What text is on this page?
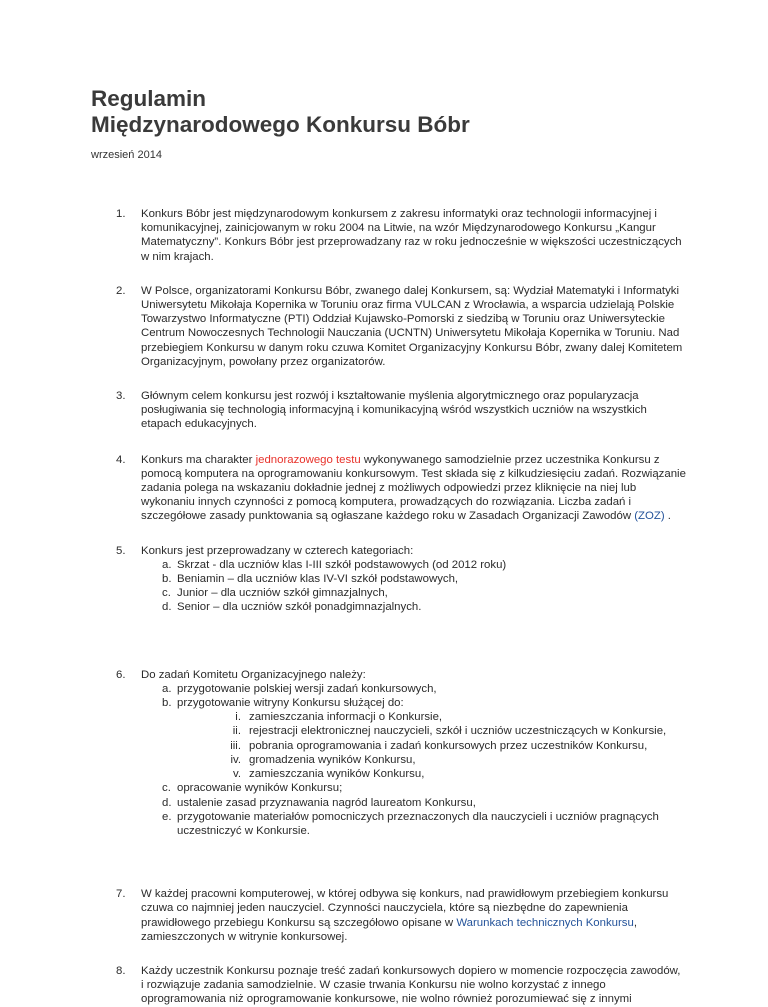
Regulamin
Międzynarodowego Konkursu Bóbr
wrzesień 2014
1. Konkurs Bóbr jest międzynarodowym konkursem z zakresu informatyki oraz technologii informacyjnej i komunikacyjnej, zainicjowanym w roku 2004 na Litwie, na wzór Międzynarodowego Konkursu „Kangur Matematyczny”. Konkurs Bóbr jest przeprowadzany raz w roku jednocześnie w większości uczestniczących w nim krajach.
2. W Polsce, organizatorami Konkursu Bóbr, zwanego dalej Konkursem, są: Wydział Matematyki i Informatyki Uniwersytetu Mikołaja Kopernika w Toruniu oraz firma VULCAN z Wrocławia, a wsparcia udzielają Polskie Towarzystwo Informatyczne (PTI) Oddział Kujawsko-Pomorski z siedzibą w Toruniu oraz Uniwersyteckie Centrum Nowoczesnych Technologii Nauczania (UCNTN) Uniwersytetu Mikołaja Kopernika w Toruniu. Nad przebiegiem Konkursu w danym roku czuwa Komitet Organizacyjny Konkursu Bóbr, zwany dalej Komitetem Organizacyjnym, powołany przez organizatorów.
3. Głównym celem konkursu jest rozwój i kształtowanie myślenia algorytmicznego oraz popularyzacja posługiwania się technologią informacyjną i komunikacyjną wśród wszystkich uczniów na wszystkich etapach edukacyjnych.
4. Konkurs ma charakter jednorazowego testu wykonywanego samodzielnie przez uczestnika Konkursu z pomocą komputera na oprogramowaniu konkursowym. Test składa się z kilkudziesięciu zadań. Rozwiązanie zadania polega na wskazaniu dokładnie jednej z możliwych odpowiedzi przez kliknięcie na niej lub wykonaniu innych czynności z pomocą komputera, prowadzących do rozwiązania. Liczba zadań i szczegółowe zasady punktowania są ogłaszane każdego roku w Zasadach Organizacji Zawodów (ZOZ) .
5. Konkurs jest przeprowadzany w czterech kategoriach:
a. Skrzat - dla uczniów klas I-III szkół podstawowych (od 2012 roku)
b. Beniamin – dla uczniów klas IV-VI szkół podstawowych,
c. Junior – dla uczniów szkół gimnazjalnych,
d. Senior – dla uczniów szkół ponadgimnazjalnych.
6. Do zadań Komitetu Organizacyjnego należy:
a. przygotowanie polskiej wersji zadań konkursowych,
b. przygotowanie witryny Konkursu służącej do:
i. zamieszczania informacji o Konkursie,
ii. rejestracji elektronicznej nauczycieli, szkół i uczniów uczestniczących w Konkursie,
iii. pobrania oprogramowania i zadań konkursowych przez uczestników Konkursu,
iv. gromadzenia wyników Konkursu,
v. zamieszczania wyników Konkursu,
c. opracowanie wyników Konkursu;
d. ustalenie zasad przyznawania nagród laureatom Konkursu,
e. przygotowanie materiałów pomocniczych przeznaczonych dla nauczycieli i uczniów pragnących uczestniczyć w Konkursie.
7. W każdej pracowni komputerowej, w której odbywa się konkurs, nad prawidłowym przebiegiem konkursu czuwa co najmniej jeden nauczyciel. Czynności nauczyciela, które są niezbędne do zapewnienia prawidłowego przebiegu Konkursu są szczegółowo opisane w Warunkach technicznych Konkursu, zamieszczonych w witrynie konkursowej.
8. Każdy uczestnik Konkursu poznaje treść zadań konkursowych dopiero w momencie rozpoczęcia zawodów, i rozwiązuje zadania samodzielnie. W czasie trwania Konkursu nie wolno korzystać z innego oprogramowania niż oprogramowanie konkursowe, nie wolno również porozumiewać się z innymi
